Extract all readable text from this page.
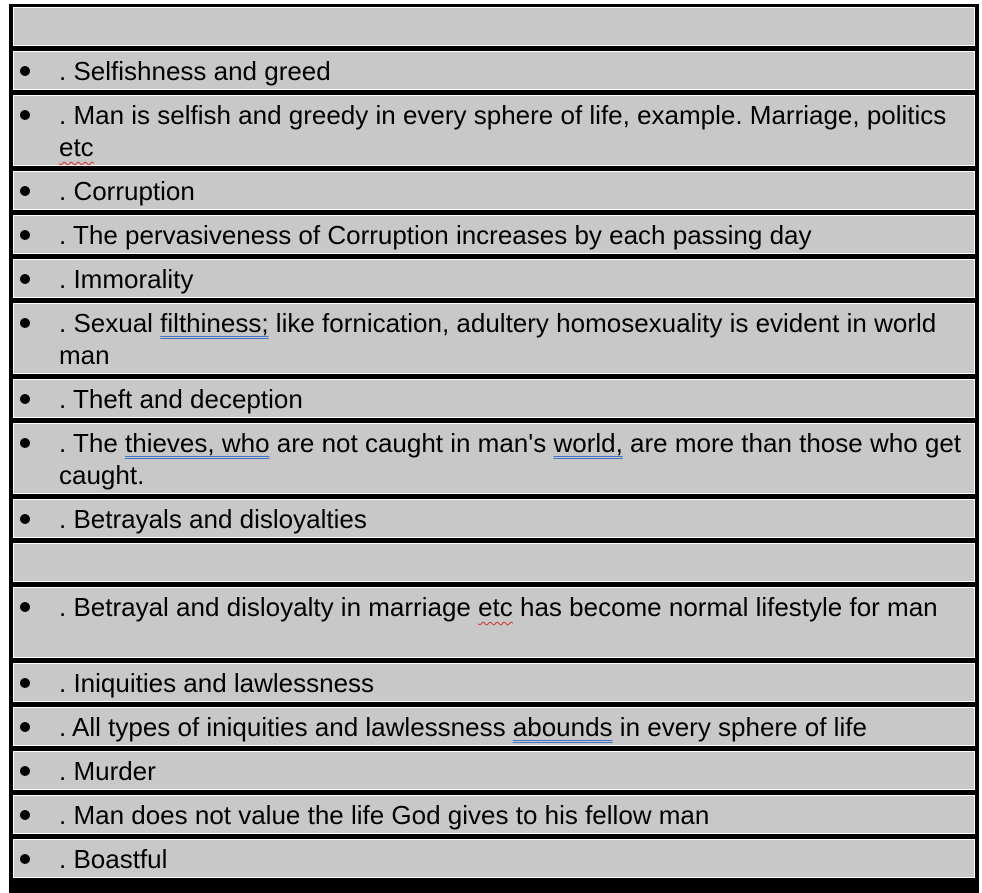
. Selfishness and greed
. Man is selfish and greedy in every sphere of life, example. Marriage, politics etc
. Corruption
. The pervasiveness of Corruption increases by each passing day
. Immorality
. Sexual filthiness; like fornication, adultery homosexuality is evident in world man
. Theft and deception
. The thieves, who are not caught in man's world, are more than those who get caught.
. Betrayals and disloyalties
. Betrayal and disloyalty in marriage etc has become normal lifestyle for man
. Iniquities and lawlessness
. All types of iniquities and lawlessness abounds in every sphere of life
. Murder
. Man does not value the life God gives to his fellow man
. Boastful
